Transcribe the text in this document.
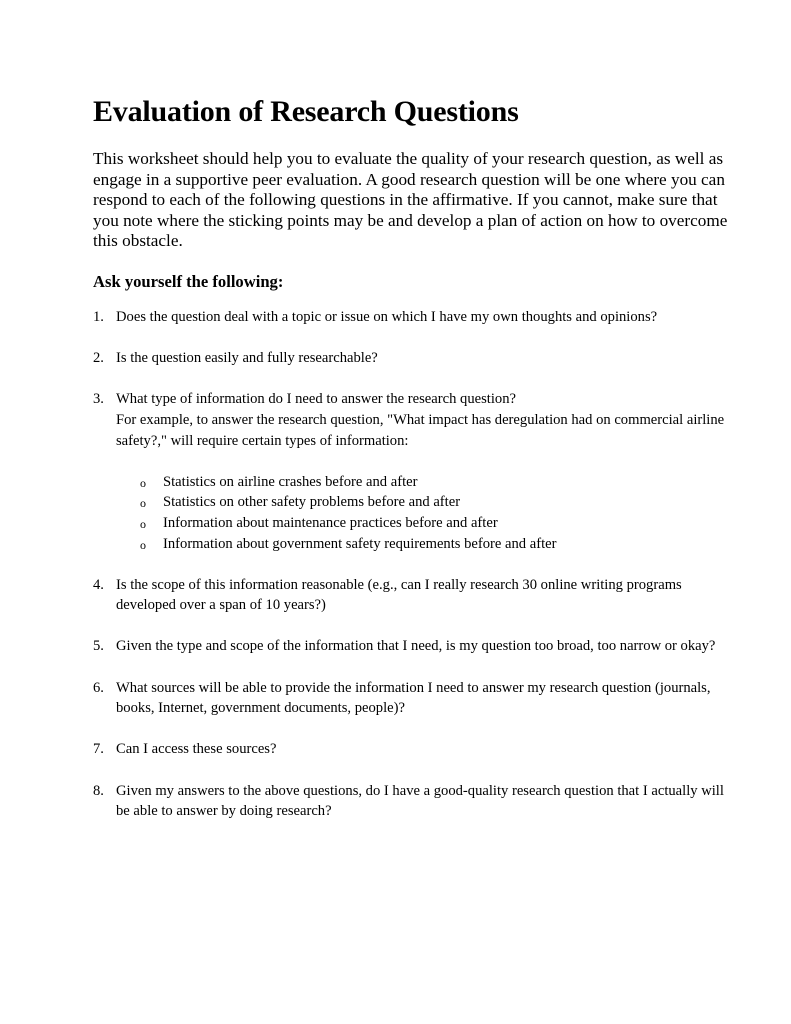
Evaluation of Research Questions

This worksheet should help you to evaluate the quality of your research question, as well as engage in a supportive peer evaluation. A good research question will be one where you can respond to each of the following questions in the affirmative. If you cannot, make sure that you note where the sticking points may be and develop a plan of action on how to overcome this obstacle.

Ask yourself the following:
1. Does the question deal with a topic or issue on which I have my own thoughts and opinions?
2. Is the question easily and fully researchable?
3. What type of information do I need to answer the research question?
For example, to answer the research question, "What impact has deregulation had on commercial airline safety?," will require certain types of information:
o Statistics on airline crashes before and after
o Statistics on other safety problems before and after
o Information about maintenance practices before and after
o Information about government safety requirements before and after
4. Is the scope of this information reasonable (e.g., can I really research 30 online writing programs developed over a span of 10 years?)
5. Given the type and scope of the information that I need, is my question too broad, too narrow or okay?
6. What sources will be able to provide the information I need to answer my research question (journals, books, Internet, government documents, people)?
7. Can I access these sources?
8. Given my answers to the above questions, do I have a good-quality research question that I actually will be able to answer by doing research?
